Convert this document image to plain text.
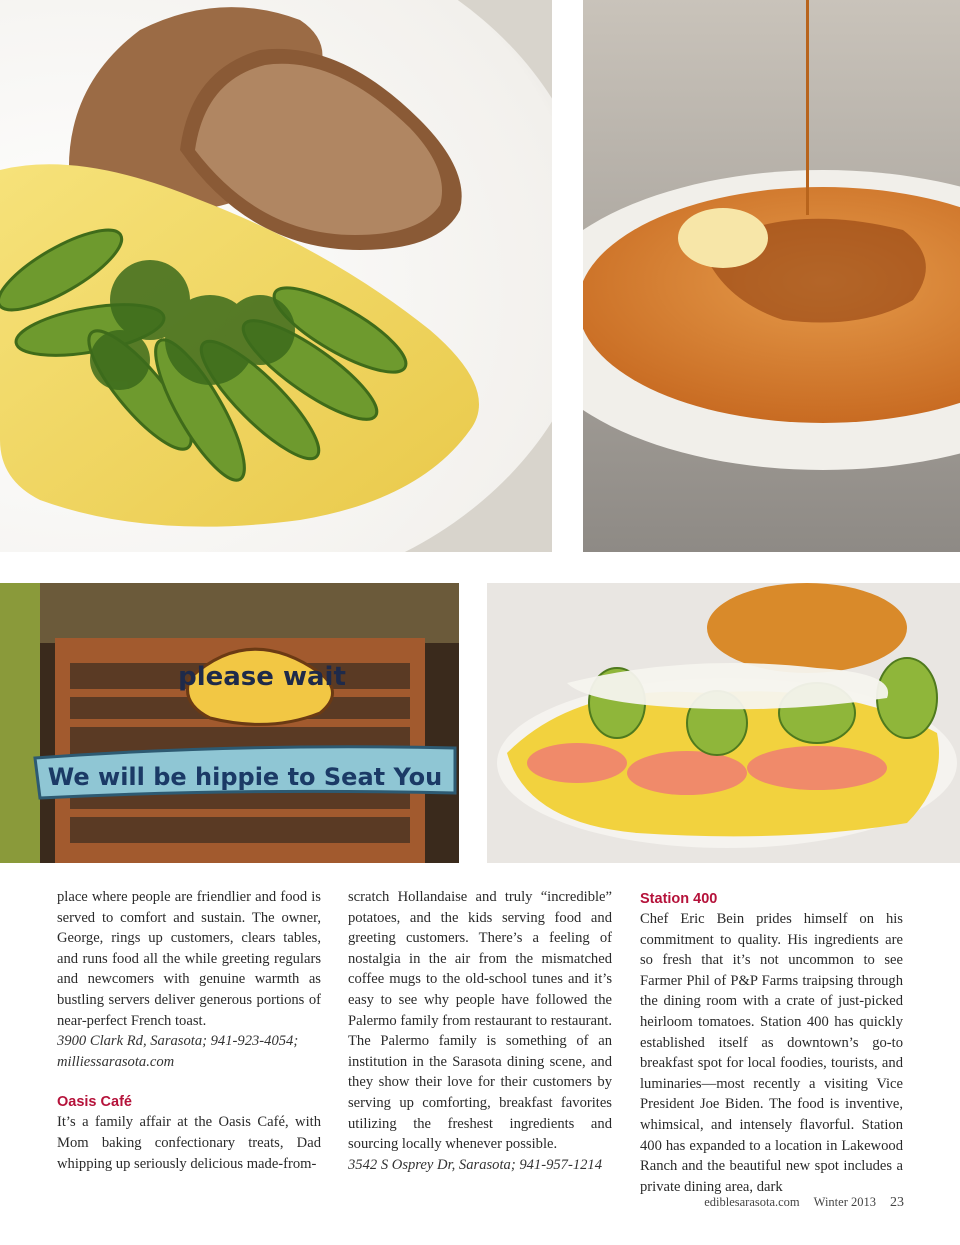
please wait
We will be hippie to Seat You

place where people are friendlier and food is served to comfort and sustain. The owner, George, rings up customers, clears tables, and runs food all the while greeting regulars and newcomers with genuine warmth as bustling servers deliver generous portions of near-perfect French toast.

3900 Clark Rd, Sarasota; 941-923-4054; milliessarasota.com

Oasis Café

It’s a family affair at the Oasis Café, with Mom baking confectionary treats, Dad whipping up seriously delicious made-from-

scratch Hollandaise and truly “incredible” potatoes, and the kids serving food and greeting customers. There’s a feeling of nostalgia in the air from the mismatched coffee mugs to the old-school tunes and it’s easy to see why people have followed the Palermo family from restaurant to restaurant. The Palermo family is something of an institution in the Sarasota dining scene, and they show their love for their customers by serving up comforting, breakfast favorites utilizing the freshest ingredients and sourcing locally whenever possible.

3542 S Osprey Dr, Sarasota; 941-957-1214

Station 400

Chef Eric Bein prides himself on his commitment to quality. His ingredients are so fresh that it’s not uncommon to see Farmer Phil of P&P Farms traipsing through the dining room with a crate of just-picked heirloom tomatoes. Station 400 has quickly established itself as downtown’s go-to breakfast spot for local foodies, tourists, and luminaries—most recently a visiting Vice President Joe Biden. The food is inventive, whimsical, and intensely flavorful. Station 400 has expanded to a location in Lakewood Ranch and the beautiful new spot includes a private dining area, dark

ediblesarasota.com Winter 2013 23
